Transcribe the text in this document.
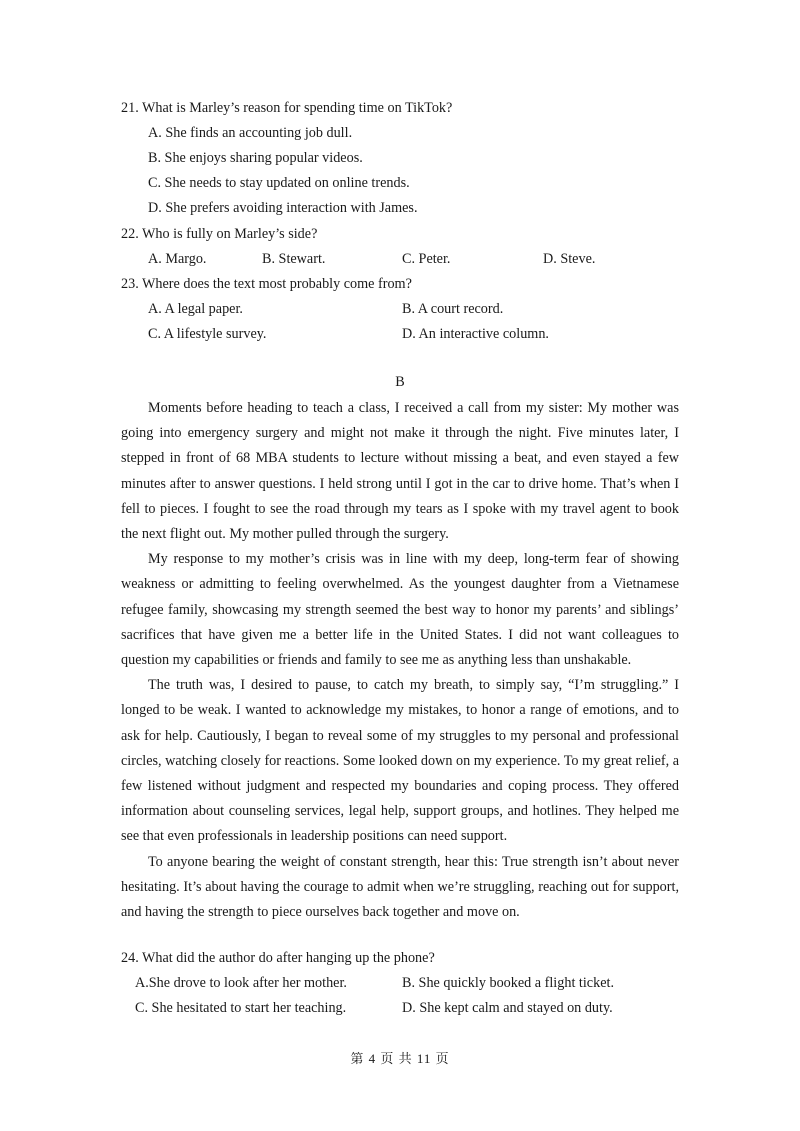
21. What is Marley’s reason for spending time on TikTok?
A. She finds an accounting job dull.
B. She enjoys sharing popular videos.
C. She needs to stay updated on online trends.
D. She prefers avoiding interaction with James.
22. Who is fully on Marley’s side?
A. Margo.	B. Stewart.	C. Peter.	D. Steve.
23. Where does the text most probably come from?
A. A legal paper.	B. A court record.
C. A lifestyle survey.	D. An interactive column.
B

Moments before heading to teach a class, I received a call from my sister: My mother was going into emergency surgery and might not make it through the night. Five minutes later, I stepped in front of 68 MBA students to lecture without missing a beat, and even stayed a few minutes after to answer questions. I held strong until I got in the car to drive home. That’s when I fell to pieces. I fought to see the road through my tears as I spoke with my travel agent to book the next flight out. My mother pulled through the surgery.

My response to my mother’s crisis was in line with my deep, long-term fear of showing weakness or admitting to feeling overwhelmed. As the youngest daughter from a Vietnamese refugee family, showcasing my strength seemed the best way to honor my parents’ and siblings’ sacrifices that have given me a better life in the United States. I did not want colleagues to question my capabilities or friends and family to see me as anything less than unshakable.

The truth was, I desired to pause, to catch my breath, to simply say, “I’m struggling.” I longed to be weak. I wanted to acknowledge my mistakes, to honor a range of emotions, and to ask for help. Cautiously, I began to reveal some of my struggles to my personal and professional circles, watching closely for reactions. Some looked down on my experience. To my great relief, a few listened without judgment and respected my boundaries and coping process. They offered information about counseling services, legal help, support groups, and hotlines. They helped me see that even professionals in leadership positions can need support.

To anyone bearing the weight of constant strength, hear this: True strength isn’t about never hesitating. It’s about having the courage to admit when we’re struggling, reaching out for support, and having the strength to piece ourselves back together and move on.

24. What did the author do after hanging up the phone?
A.She drove to look after her mother.	B. She quickly booked a flight ticket.
C. She hesitated to start her teaching.	D. She kept calm and stayed on duty.
第 4 页 共 11 页
